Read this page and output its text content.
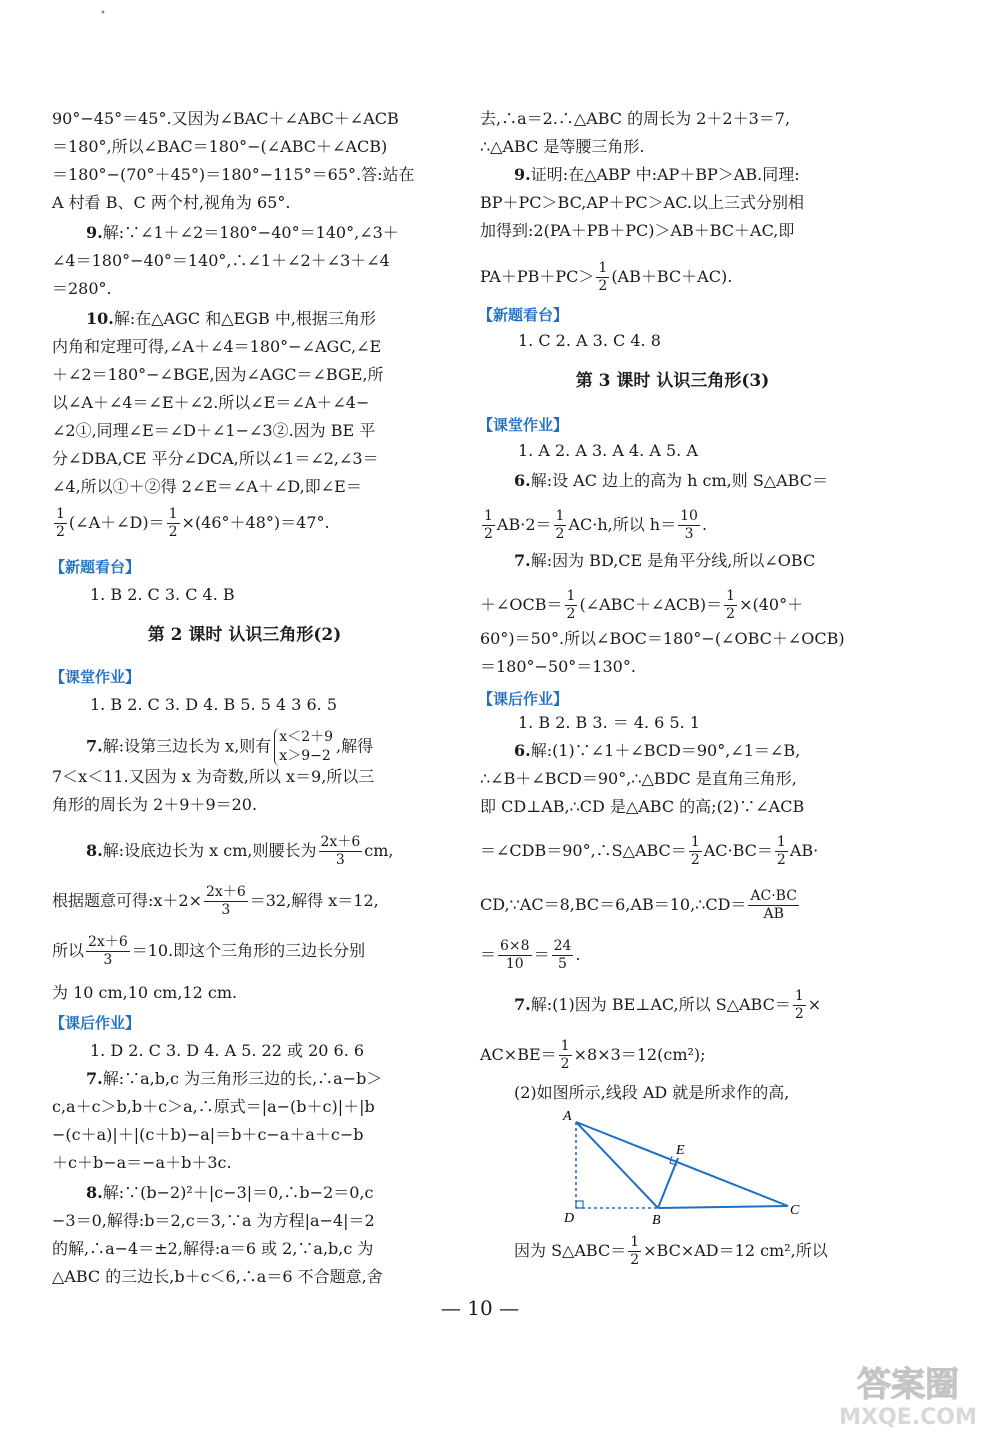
•
90°−45°＝45°.又因为∠BAC＋∠ABC＋∠ACB
＝180°,所以∠BAC＝180°−(∠ABC＋∠ACB)
＝180°−(70°＋45°)＝180°−115°＝65°.答:站在
A 村看 B、C 两个村,视角为 65°.
9.解:∵∠1＋∠2＝180°−40°＝140°,∠3＋
∠4＝180°−40°＝140°,∴∠1＋∠2＋∠3＋∠4
＝280°.
10.解:在△AGC 和△EGB 中,根据三角形
内角和定理可得,∠A＋∠4＝180°−∠AGC,∠E
＋∠2＝180°−∠BGE,因为∠AGC＝∠BGE,所
以∠A＋∠4＝∠E＋∠2.所以∠E＝∠A＋∠4−
∠2①,同理∠E＝∠D＋∠1−∠3②.因为 BE 平
分∠DBA,CE 平分∠DCA,所以∠1＝∠2,∠3＝
∠4,所以①＋②得 2∠E＝∠A＋∠D,即∠E＝
$\frac{1}{2}$ (∠A＋∠D)＝ $\frac{1}{2} \times(46^\circ+48^\circ)=47^\circ$.
【新题看台】
1. B 2. C 3. C 4. B
第 2 课时 认识三角形(2)
【课堂作业】
1. B 2. C 3. D 4. B 5. 5 4 3 6. 5
7.解:设第三边长为 x,则有 x＜2＋9
x＞9−2
,解得
7＜x＜11.又因为 x 为奇数,所以 x＝9,所以三
角形的周长为 2＋9＋9＝20.
8.解:设底边长为 x cm,则腰长为 $\frac{2x+6}{3}$ cm,
根据题意可得:x＋2× $\frac{2x+6}{3} =32$,解得 x＝12,
所以 $\frac{2x+6}{3} =10$.即这个三角形的三边长分别
为 10 cm,10 cm,12 cm.
【课后作业】
1. D 2. C 3. D 4. A 5. 22 或 20 6. 6
7.解:∵a,b,c 为三角形三边的长,∴a−b＞
c,a＋c＞b,b＋c＞a,∴原式＝|a−(b＋c)|＋|b
−(c＋a)|＋|(c＋b)−a|＝b＋c−a＋a＋c−b
＋c＋b−a＝−a＋b＋3c.
8.解:∵(b−2)²＋|c−3|＝0,∴b−2＝0,c
−3＝0,解得:b＝2,c＝3,∵a 为方程|a−4|＝2
的解,∴a−4＝±2,解得:a＝6 或 2,∵a,b,c 为
△ABC 的三边长,b＋c＜6,∴a＝6 不合题意,舍
去,∴a＝2.∴△ABC 的周长为 2＋2＋3＝7,
∴△ABC 是等腰三角形.
9.证明:在△ABP 中:AP＋BP＞AB.同理:
BP＋PC＞BC,AP＋PC＞AC.以上三式分别相
加得到:2(PA＋PB＋PC)＞AB＋BC＋AC,即
$PA+PB+PC> \frac{1}{2} (AB+BC+AC)$.
【新题看台】
1. C 2. A 3. C 4. 8
第 3 课时 认识三角形(3)
【课堂作业】
1. A 2. A 3. A 4. A 5. A
6.解:设 AC 边上的高为 h cm,则 S△ABC＝
$\frac{1}{2} AB\cdot 2= \frac{1}{2} AC\cdot h$,所以 $h= \frac{10}{3}$ .
7.解:因为 BD,CE 是角平分线,所以∠OBC
＋∠OCB＝ $\frac{1}{2}$ (∠ABC＋∠ACB)＝ $\frac{1}{2} \times(40^\circ+$
60°)＝50°.所以∠BOC＝180°−(∠OBC＋∠OCB)
＝180°−50°＝130°.
【课后作业】
1. B 2. B 3. ＝ 4. 6 5. 1
6.解:(1)∵∠1＋∠BCD＝90°,∠1＝∠B,
∴∠B＋∠BCD＝90°,∴△BDC 是直角三角形,
即 CD⊥AB,∴CD 是△ABC 的高;(2)∵∠ACB
＝∠CDB＝90°,∴S△ABC＝ $\frac{1}{2} AC\cdot BC= \frac{1}{2} AB\cdot$
CD,∵AC＝8,BC＝6,AB＝10,∴CD＝ $\frac{AC\cdot BC}{AB}$
＝ $\frac{6\times 8}{10} = \frac{24}{5}$ .
7.解:(1)因为 BE⊥AC,所以 S△ABC＝ $\frac{1}{2}$ ×
$AC\times BE= \frac{1}{2} \times 8\times 3=12(cm^2)$;
(2)如图所示,线段 AD 就是所求作的高,
因为 S△ABC＝ $\frac{1}{2} \times BC\times AD=12$ cm²,所以
A
B
C
D
E
— 10 —
答案圈
MXQE.COM
